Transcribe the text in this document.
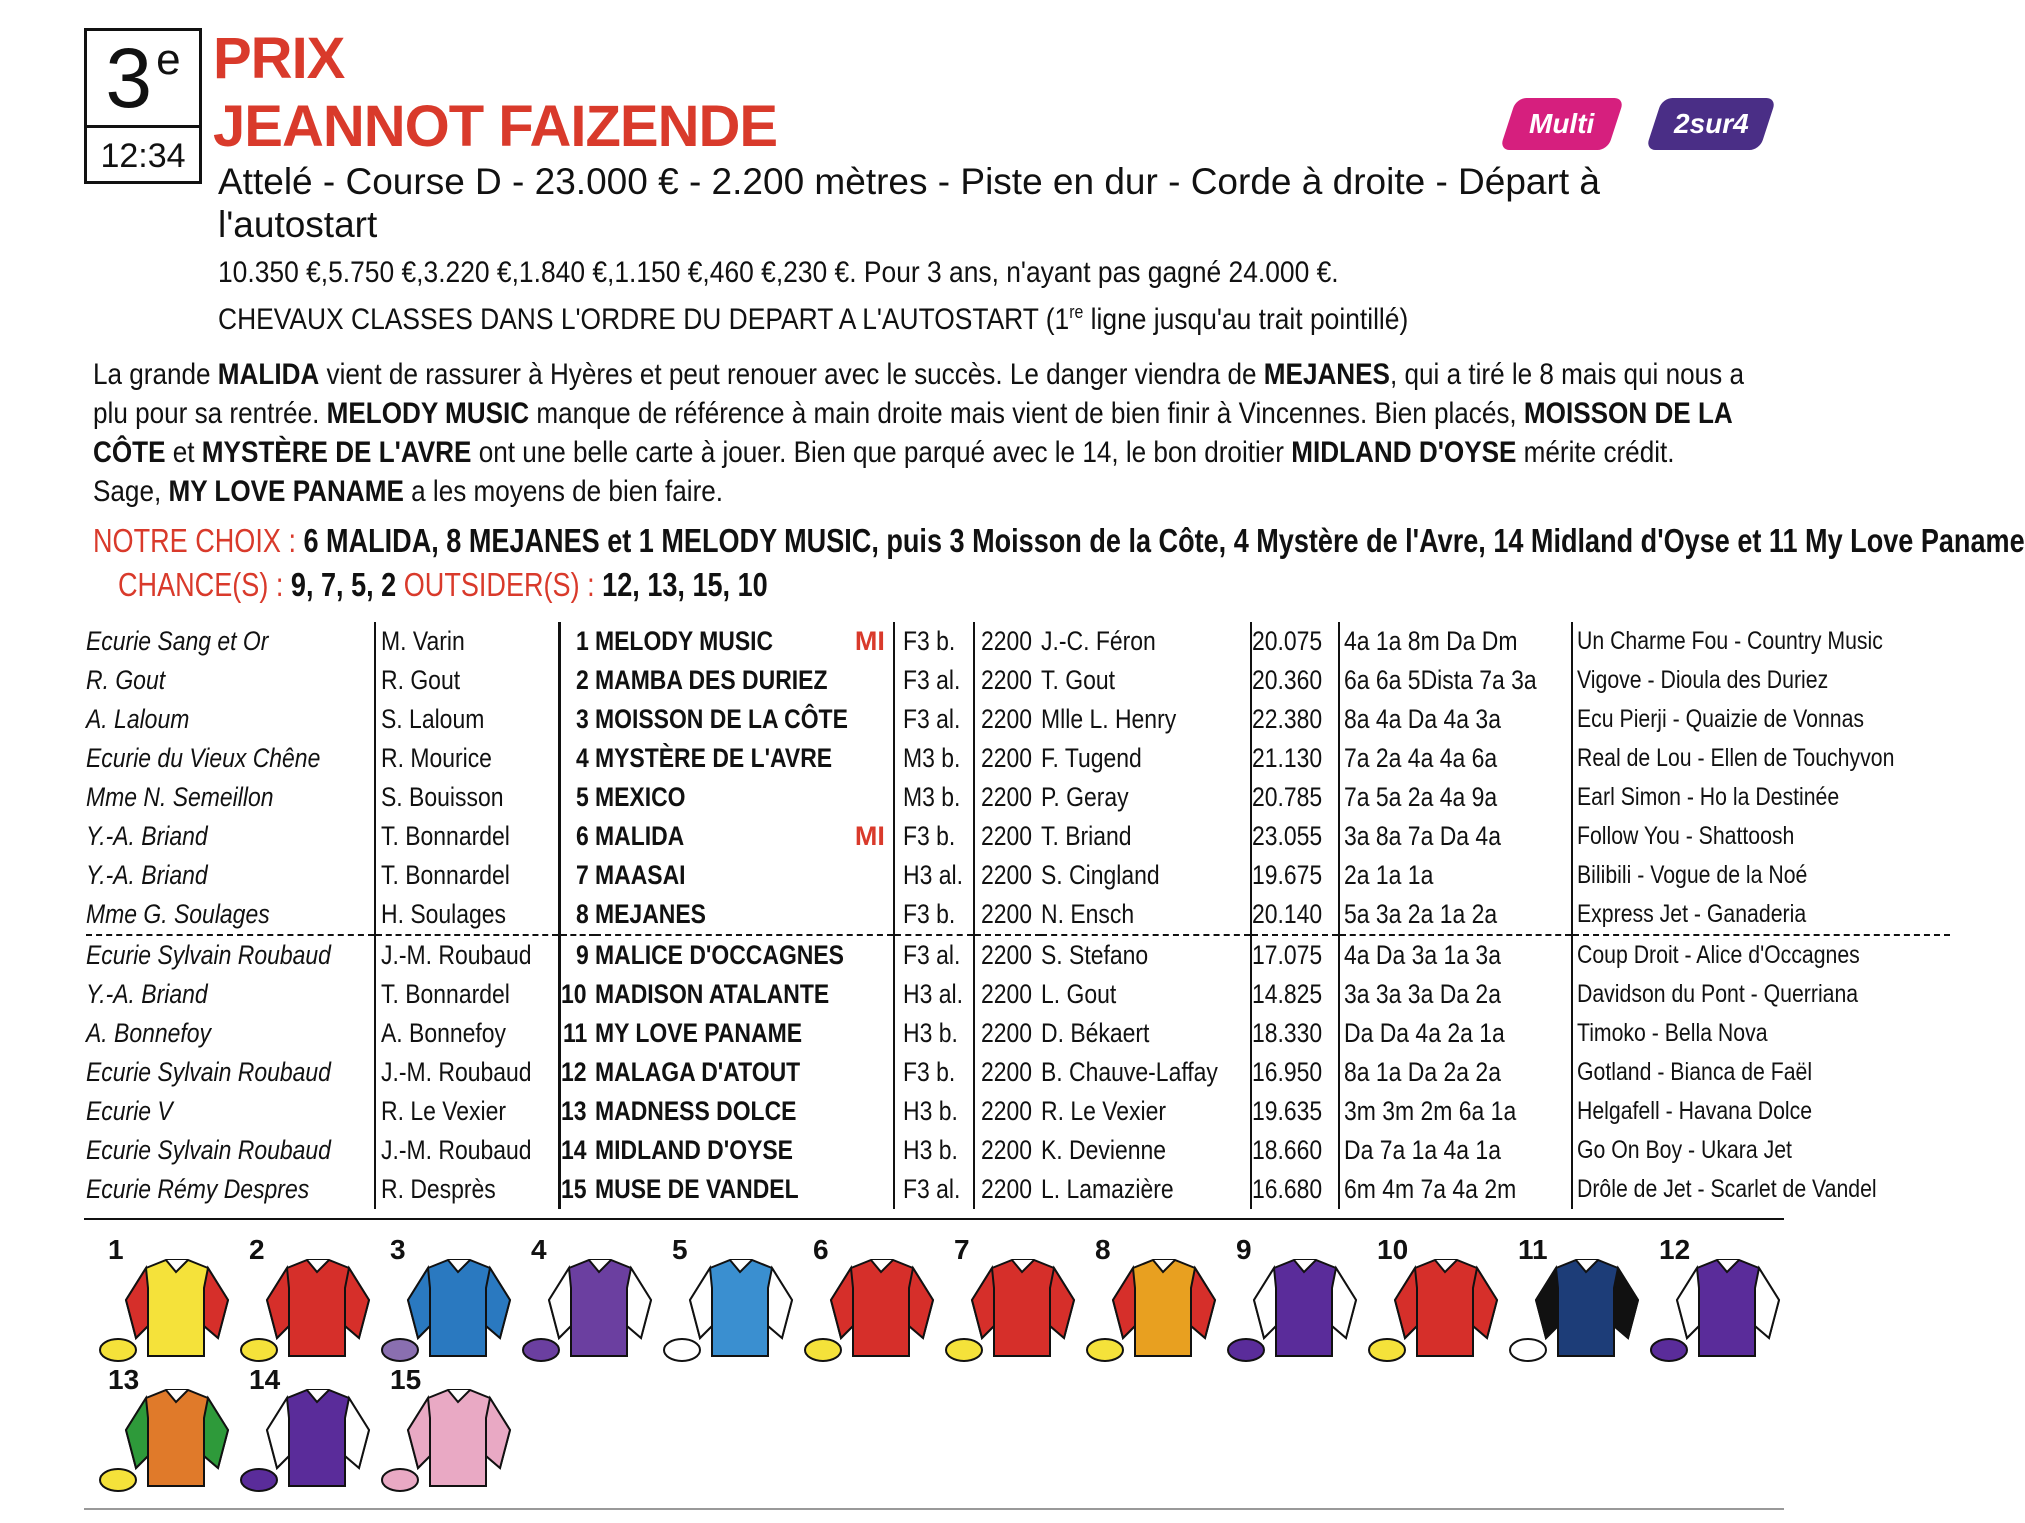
3e
12:34
PRIX
JEANNOT FAIZENDE	Multi	2sur4
Attelé - Course D - 23.000 € - 2.200 mètres - Piste en dur - Corde à droite - Départ à
l'autostart
10.350 €,5.750 €,3.220 €,1.840 €,1.150 €,460 €,230 €. Pour 3 ans, n'ayant pas gagné 24.000 €.
CHEVAUX CLASSES DANS L'ORDRE DU DEPART A L'AUTOSTART (1re ligne jusqu'au trait pointillé)
La grande MALIDA vient de rassurer à Hyères et peut renouer avec le succès. Le danger viendra de MEJANES, qui a tiré le 8 mais qui nous a plu pour sa rentrée. MELODY MUSIC manque de référence à main droite mais vient de bien finir à Vincennes. Bien placés, MOISSON DE LA CÔTE et MYSTÈRE DE L'AVRE ont une belle carte à jouer. Bien que parqué avec le 14, le bon droitier MIDLAND D'OYSE mérite crédit. Sage, MY LOVE PANAME a les moyens de bien faire.
NOTRE CHOIX : 6 MALIDA, 8 MEJANES et 1 MELODY MUSIC, puis 3 Moisson de la Côte, 4 Mystère de l'Avre, 14 Midland d'Oyse et 11 My Love Paname
CHANCE(S) : 9, 7, 5, 2 OUTSIDER(S) : 12, 13, 15, 10
Ecurie Sang et Or	M. Varin	1	MELODY MUSIC MI	F3 b.	2200	J.-C. Féron	20.075	4a 1a 8m Da Dm	Un Charme Fou - Country Music
R. Gout	R. Gout	2	MAMBA DES DURIEZ	F3 al.	2200	T. Gout	20.360	6a 6a 5Dista 7a 3a	Vigove - Dioula des Duriez
A. Laloum	S. Laloum	3	MOISSON DE LA CÔTE	F3 al.	2200	Mlle L. Henry	22.380	8a 4a Da 4a 3a	Ecu Pierji - Quaizie de Vonnas
Ecurie du Vieux Chêne	R. Mourice	4	MYSTÈRE DE L'AVRE	M3 b.	2200	F. Tugend	21.130	7a 2a 4a 4a 6a	Real de Lou - Ellen de Touchyvon
Mme N. Semeillon	S. Bouisson	5	MEXICO	M3 b.	2200	P. Geray	20.785	7a 5a 2a 4a 9a	Earl Simon - Ho la Destinée
Y.-A. Briand	T. Bonnardel	6	MALIDA MI	F3 b.	2200	T. Briand	23.055	3a 8a 7a Da 4a	Follow You - Shattoosh
Y.-A. Briand	T. Bonnardel	7	MAASAI	H3 al.	2200	S. Cingland	19.675	2a 1a 1a	Bilibili - Vogue de la Noé
Mme G. Soulages	H. Soulages	8	MEJANES	F3 b.	2200	N. Ensch	20.140	5a 3a 2a 1a 2a	Express Jet - Ganaderia
Ecurie Sylvain Roubaud	J.-M. Roubaud	9	MALICE D'OCCAGNES	F3 al.	2200	S. Stefano	17.075	4a Da 3a 1a 3a	Coup Droit - Alice d'Occagnes
Y.-A. Briand	T. Bonnardel	10	MADISON ATALANTE	H3 al.	2200	L. Gout	14.825	3a 3a 3a Da 2a	Davidson du Pont - Querriana
A. Bonnefoy	A. Bonnefoy	11	MY LOVE PANAME	H3 b.	2200	D. Békaert	18.330	Da Da 4a 2a 1a	Timoko - Bella Nova
Ecurie Sylvain Roubaud	J.-M. Roubaud	12	MALAGA D'ATOUT	F3 b.	2200	B. Chauve-Laffay	16.950	8a 1a Da 2a 2a	Gotland - Bianca de Faël
Ecurie V	R. Le Vexier	13	MADNESS DOLCE	H3 b.	2200	R. Le Vexier	19.635	3m 3m 2m 6a 1a	Helgafell - Havana Dolce
Ecurie Sylvain Roubaud	J.-M. Roubaud	14	MIDLAND D'OYSE	H3 b.	2200	K. Devienne	18.660	Da 7a 1a 4a 1a	Go On Boy - Ukara Jet
Ecurie Rémy Despres	R. Desprès	15	MUSE DE VANDEL	F3 al.	2200	L. Lamazière	16.680	6m 4m 7a 4a 2m	Drôle de Jet - Scarlet de Vandel
1	2	3	4	5	6	7	8	9	10	11	12
13	14	15
